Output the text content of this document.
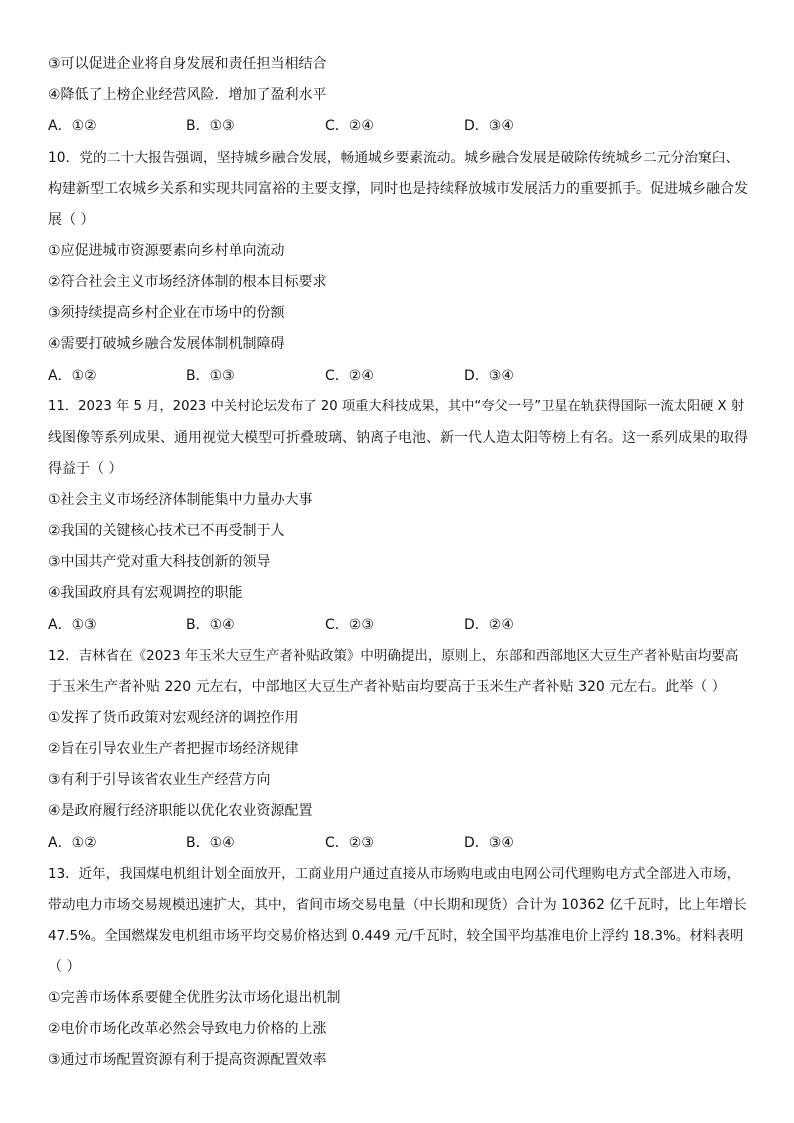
③可以促进企业将自身发展和责任担当相结合
④降低了上榜企业经营风险．增加了盈利水平
A．①②	B．①③	C．②④	D．③④
10．党的二十大报告强调，坚持城乡融合发展，畅通城乡要素流动。城乡融合发展是破除传统城乡二元分治窠臼、
构建新型工农城乡关系和实现共同富裕的主要支撑，同时也是持续释放城市发展活力的重要抓手。促进城乡融合发
展（ ）
①应促进城市资源要素向乡村单向流动
②符合社会主义市场经济体制的根本目标要求
③须持续提高乡村企业在市场中的份额
④需要打破城乡融合发展体制机制障碍
A．①②	B．①③	C．②④	D．③④
11．2023 年 5 月，2023 中关村论坛发布了 20 项重大科技成果，其中“夸父一号”卫星在轨获得国际一流太阳硬 X 射
线图像等系列成果、通用视觉大模型可折叠玻璃、钠离子电池、新一代人造太阳等榜上有名。这一系列成果的取得
得益于（ ）
①社会主义市场经济体制能集中力量办大事
②我国的关键核心技术已不再受制于人
③中国共产党对重大科技创新的领导
④我国政府具有宏观调控的职能
A．①③	B．①④	C．②③	D．②④
12．吉林省在《2023 年玉米大豆生产者补贴政策》中明确提出，原则上，东部和西部地区大豆生产者补贴亩均要高
于玉米生产者补贴 220 元左右，中部地区大豆生产者补贴亩均要高于玉米生产者补贴 320 元左右。此举（ ）
①发挥了货币政策对宏观经济的调控作用
②旨在引导农业生产者把握市场经济规律
③有利于引导该省农业生产经营方向
④是政府履行经济职能以优化农业资源配置
A．①②	B．①④	C．②③	D．③④
13．近年，我国煤电机组计划全面放开，工商业用户通过直接从市场购电或由电网公司代理购电方式全部进入市场，
带动电力市场交易规模迅速扩大，其中，省间市场交易电量（中长期和现货）合计为 10362 亿千瓦时，比上年增长
47.5%。全国燃煤发电机组市场平均交易价格达到 0.449 元/千瓦时，较全国平均基准电价上浮约 18.3%。材料表明
（ ）
①完善市场体系要健全优胜劣汰市场化退出机制
②电价市场化改革必然会导致电力价格的上涨
③通过市场配置资源有利于提高资源配置效率
